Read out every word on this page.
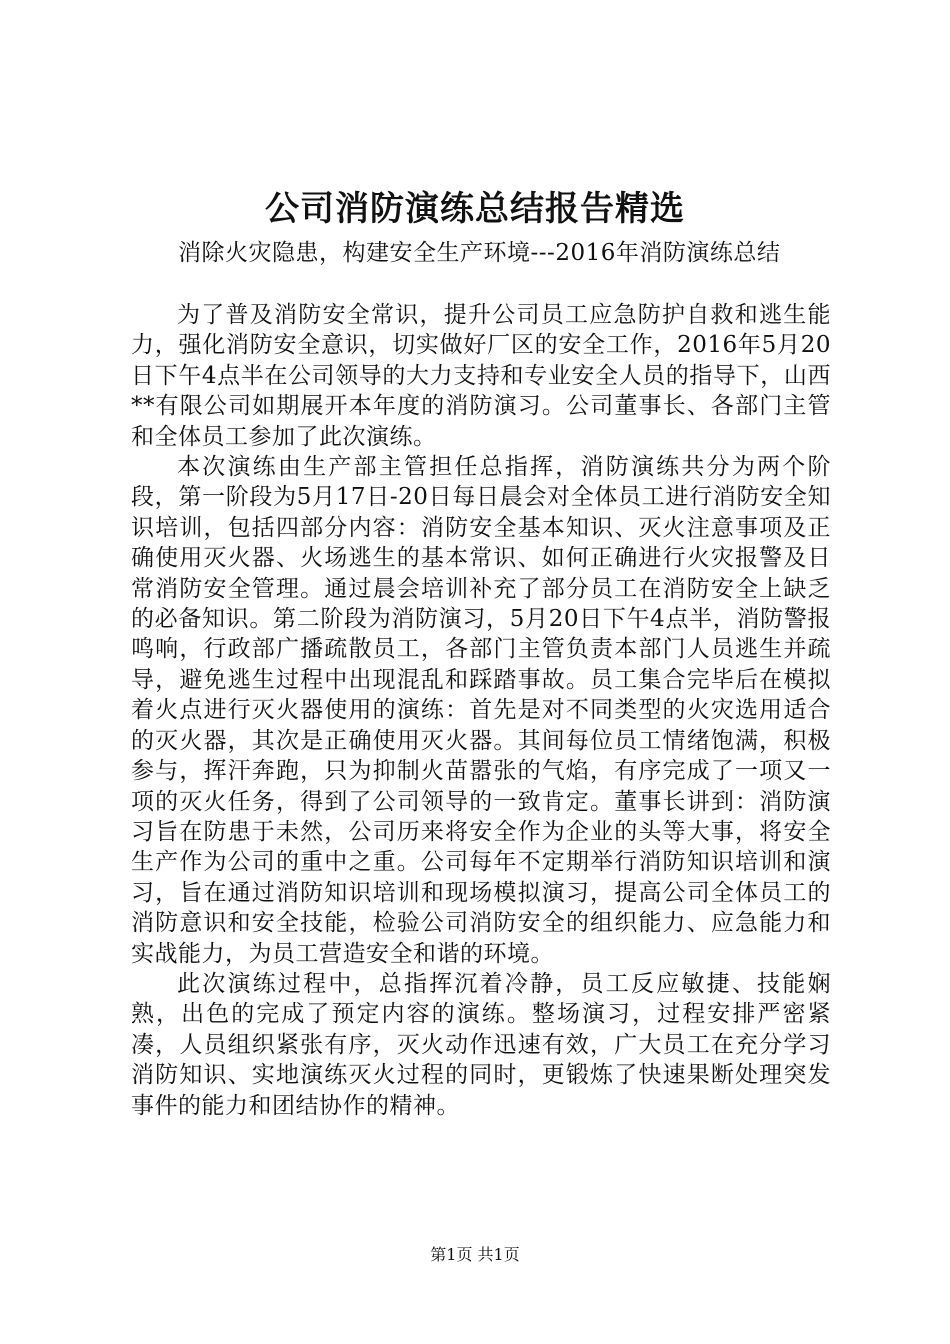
公司消防演练总结报告精选
消除火灾隐患，构建安全生产环境---2016年消防演练总结

为了普及消防安全常识，提升公司员工应急防护自救和逃生能力，强化消防安全意识，切实做好厂区的安全工作，2016年5月20日下午4点半在公司领导的大力支持和专业安全人员的指导下，山西**有限公司如期展开本年度的消防演习。公司董事长、各部门主管和全体员工参加了此次演练。

本次演练由生产部主管担任总指挥，消防演练共分为两个阶段，第一阶段为5月17日-20日每日晨会对全体员工进行消防安全知识培训，包括四部分内容：消防安全基本知识、灭火注意事项及正确使用灭火器、火场逃生的基本常识、如何正确进行火灾报警及日常消防安全管理。通过晨会培训补充了部分员工在消防安全上缺乏的必备知识。第二阶段为消防演习，5月20日下午4点半，消防警报鸣响，行政部广播疏散员工，各部门主管负责本部门人员逃生并疏导，避免逃生过程中出现混乱和踩踏事故。员工集合完毕后在模拟着火点进行灭火器使用的演练：首先是对不同类型的火灾选用适合的灭火器，其次是正确使用灭火器。其间每位员工情绪饱满，积极参与，挥汗奔跑，只为抑制火苗嚣张的气焰，有序完成了一项又一项的灭火任务，得到了公司领导的一致肯定。董事长讲到：消防演习旨在防患于未然，公司历来将安全作为企业的头等大事，将安全生产作为公司的重中之重。公司每年不定期举行消防知识培训和演习，旨在通过消防知识培训和现场模拟演习，提高公司全体员工的消防意识和安全技能，检验公司消防安全的组织能力、应急能力和实战能力，为员工营造安全和谐的环境。

此次演练过程中，总指挥沉着冷静，员工反应敏捷、技能娴熟，出色的完成了预定内容的演练。整场演习，过程安排严密紧凑，人员组织紧张有序，灭火动作迅速有效，广大员工在充分学习消防知识、实地演练灭火过程的同时，更锻炼了快速果断处理突发事件的能力和团结协作的精神。

第1页 共1页
